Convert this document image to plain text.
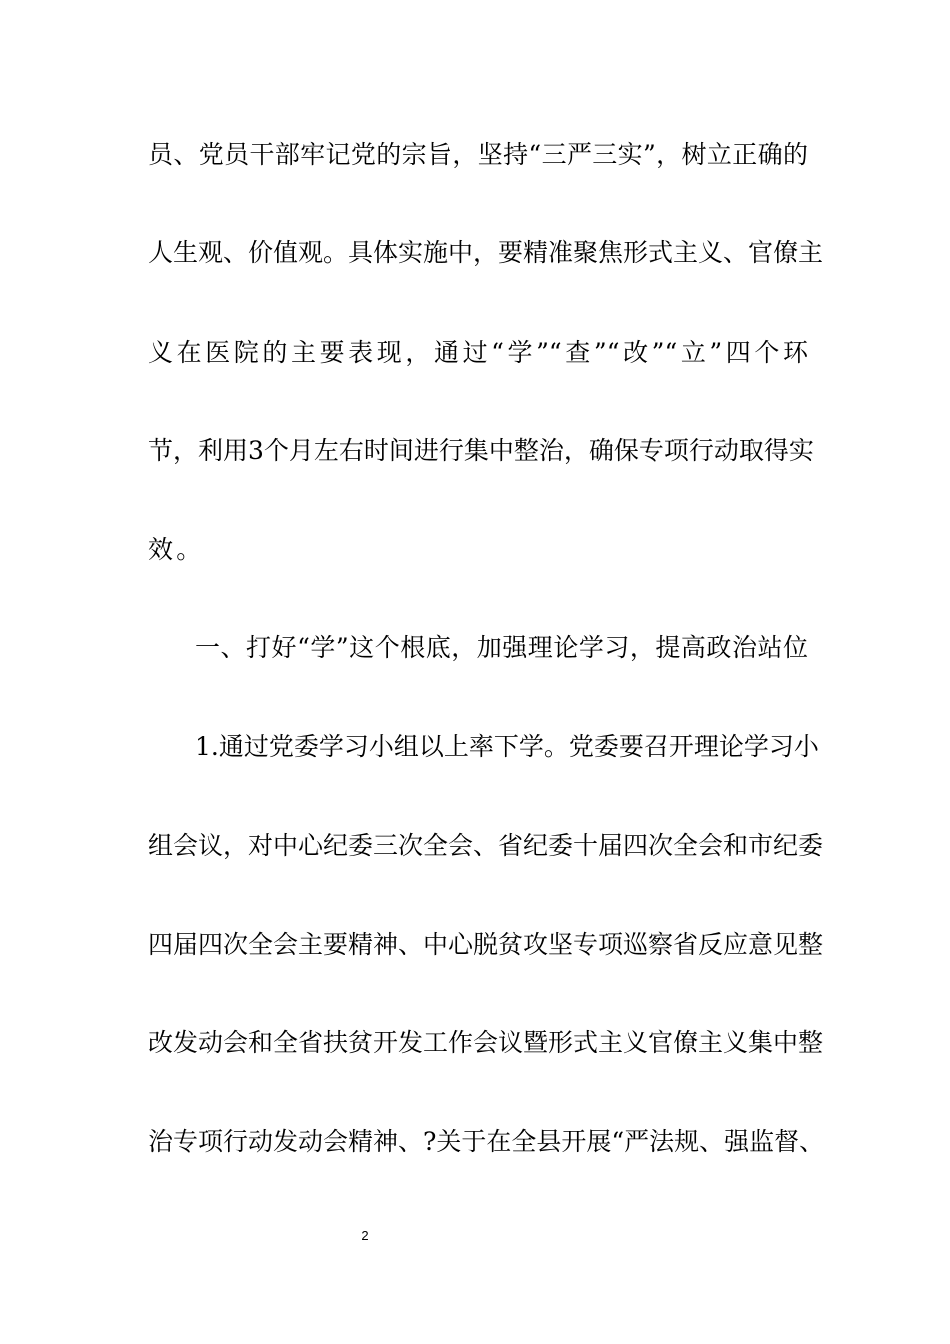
员、党员干部牢记党的宗旨，坚持“三严三实”，树立正确的
人生观、价值观。具体实施中，要精准聚焦形式主义、官僚主
义在医院的主要表现，通过“学”“查”“改”“立”四个环
节，利用3个月左右时间进行集中整治，确保专项行动取得实
效。
一、打好“学”这个根底，加强理论学习，提高政治站位
1.通过党委学习小组以上率下学。党委要召开理论学习小
组会议，对中心纪委三次全会、省纪委十届四次全会和市纪委
四届四次全会主要精神、中心脱贫攻坚专项巡察省反应意见整
改发动会和全省扶贫开发工作会议暨形式主义官僚主义集中整
治专项行动发动会精神、?关于在全县开展“严法规、强监督、
2
